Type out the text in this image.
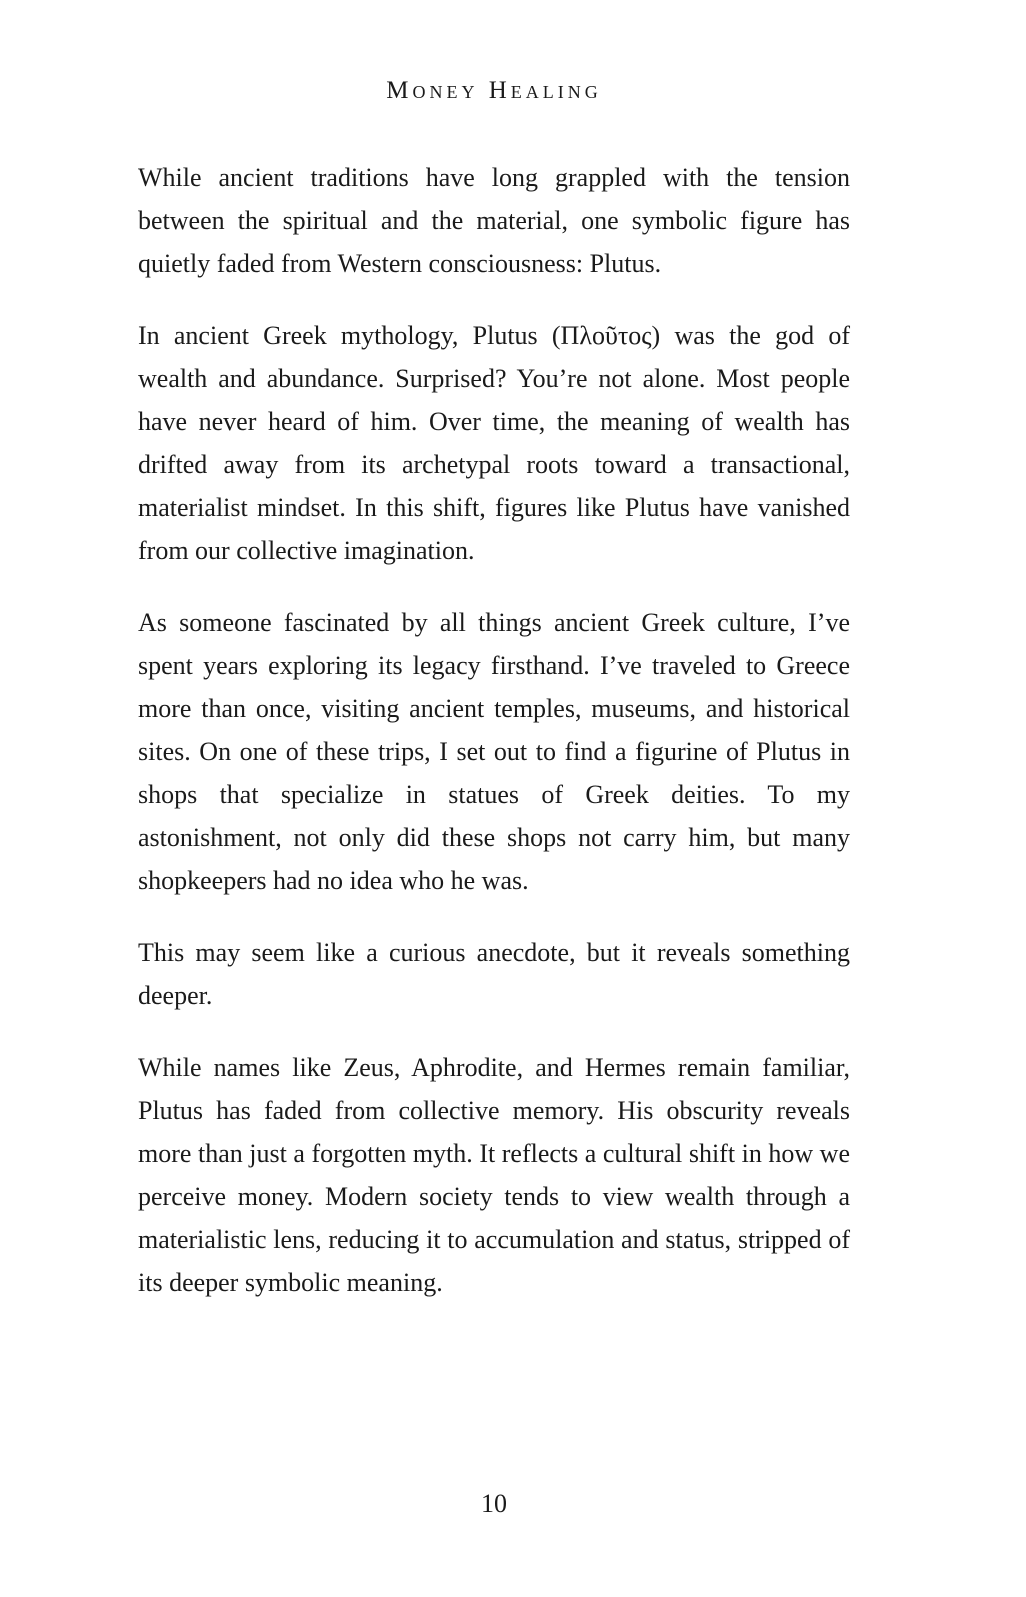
Money Healing

While ancient traditions have long grappled with the tension between the spiritual and the material, one symbolic figure has quietly faded from Western consciousness: Plutus.

In ancient Greek mythology, Plutus (Πλοῦτος) was the god of wealth and abundance. Surprised? You’re not alone. Most people have never heard of him. Over time, the meaning of wealth has drifted away from its archetypal roots toward a transactional, materialist mindset. In this shift, figures like Plutus have vanished from our collective imagination.

As someone fascinated by all things ancient Greek culture, I’ve spent years exploring its legacy firsthand. I’ve traveled to Greece more than once, visiting ancient temples, museums, and historical sites. On one of these trips, I set out to find a figurine of Plutus in shops that specialize in statues of Greek deities. To my astonishment, not only did these shops not carry him, but many shopkeepers had no idea who he was.

This may seem like a curious anecdote, but it reveals something deeper.

While names like Zeus, Aphrodite, and Hermes remain familiar, Plutus has faded from collective memory. His obscurity reveals more than just a forgotten myth. It reflects a cultural shift in how we perceive money. Modern society tends to view wealth through a materialistic lens, reducing it to accumulation and status, stripped of its deeper symbolic meaning.

10
